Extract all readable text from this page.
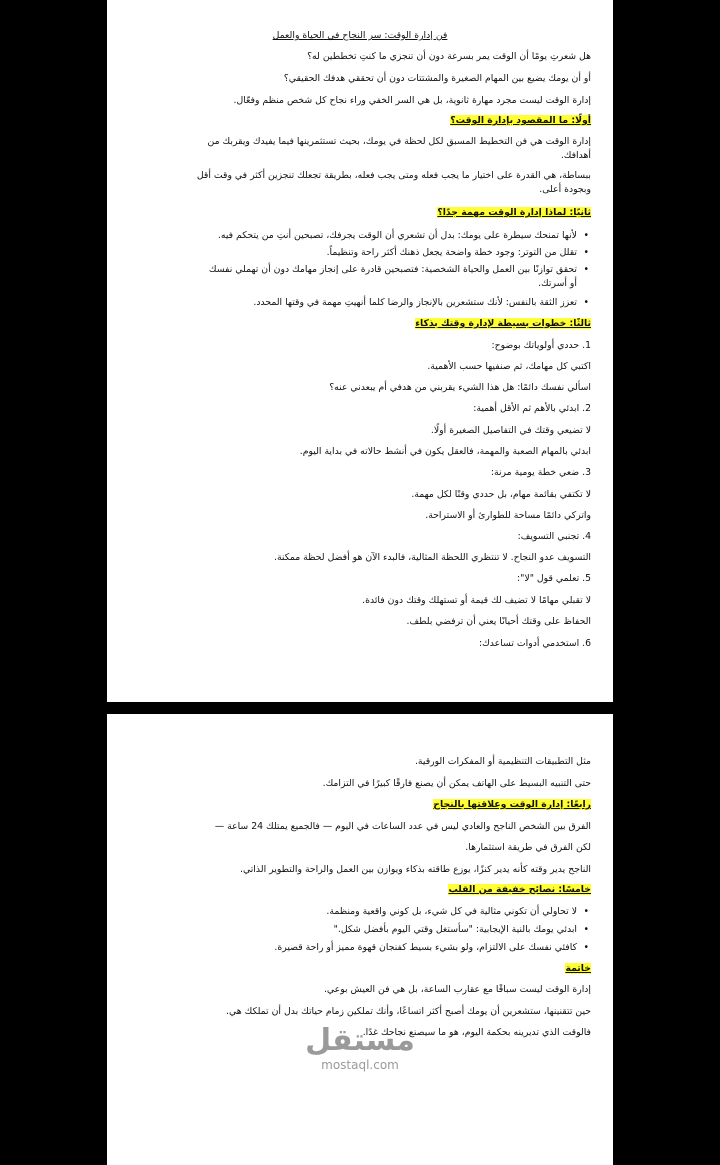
فن إدارة الوقت: سر النجاح في الحياة والعمل
هل شعرتِ يومًا أن الوقت يمر بسرعة دون أن تنجزي ما كنتِ تخططين له؟
أو أن يومك يضيع بين المهام الصغيرة والمشتتات دون أن تحققي هدفك الحقيقي؟
إدارة الوقت ليست مجرد مهارة ثانوية، بل هي السر الخفي وراء نجاح كل شخص منظم وفعّال.
أولًا: ما المقصود بإدارة الوقت؟
إدارة الوقت هي فن التخطيط المسبق لكل لحظة في يومك، بحيث تستثمرينها فيما يفيدك ويقربك من
أهدافك.
ببساطة، هي القدرة على اختيار ما يجب فعله ومتى يجب فعله، بطريقة تجعلك تنجزين أكثر في وقت أقل
وبجودة أعلى.
ثانيًا: لماذا إدارة الوقت مهمة جدًا؟
• لأنها تمنحك سيطرة على يومك: بدل أن تشعري أن الوقت يجرفك، تصبحين أنتِ من يتحكم فيه.
• تقلل من التوتر: وجود خطة واضحة يجعل ذهنك أكثر راحة وتنظيماً.
• تحقق توازنًا بين العمل والحياة الشخصية: فتصبحين قادرة على إنجاز مهامك دون أن تهملي نفسك
أو أسرتك.
• تعزز الثقة بالنفس: لأنك ستشعرين بالإنجاز والرضا كلما أنهيتِ مهمة في وقتها المحدد.
ثالثًا: خطوات بسيطة لإدارة وقتك بذكاء
1. حددي أولوياتك بوضوح:
اكتبي كل مهامك، ثم صنفيها حسب الأهمية.
اسألي نفسك دائمًا: هل هذا الشيء يقربني من هدفي أم يبعدني عنه؟
2. ابدئي بالأهم ثم الأقل أهمية:
لا تضيعي وقتك في التفاصيل الصغيرة أولًا.
ابدئي بالمهام الصعبة والمهمة، فالعقل يكون في أنشط حالاته في بداية اليوم.
3. ضعي خطة يومية مرنة:
لا تكتفي بقائمة مهام، بل حددي وقتًا لكل مهمة.
واتركي دائمًا مساحة للطوارئ أو الاستراحة.
4. تجنبي التسويف:
التسويف عدو النجاح. لا تنتظري اللحظة المثالية، فالبدء الآن هو أفضل لحظة ممكنة.
5. تعلمي قول "لا":
لا تقبلي مهامًا لا تضيف لك قيمة أو تستهلك وقتك دون فائدة.
الحفاظ على وقتك أحيانًا يعني أن ترفضي بلطف.
6. استخدمي أدوات تساعدك:
مثل التطبيقات التنظيمية أو المفكرات الورقية.
حتى التنبيه البسيط على الهاتف يمكن أن يصنع فارقًا كبيرًا في التزامك.
رابعًا: إدارة الوقت وعلاقتها بالنجاح
الفرق بين الشخص الناجح والعادي ليس في عدد الساعات في اليوم — فالجميع يمتلك 24 ساعة —
لكن الفرق في طريقة استثمارها.
الناجح يدير وقته كأنه يدير كنزًا، يوزع طاقته بذكاء ويوازن بين العمل والراحة والتطوير الذاتي.
خامسًا: نصائح خفيفة من القلب
• لا تحاولي أن تكوني مثالية في كل شيء، بل كوني واقعية ومنظمة.
• ابدئي يومك بالنية الإيجابية: "سأستغل وقتي اليوم بأفضل شكل."
• كافئي نفسك على الالتزام، ولو بشيء بسيط كفنجان قهوة مميز أو راحة قصيرة.
خاتمة
إدارة الوقت ليست سباقًا مع عقارب الساعة، بل هي فن العيش بوعي.
حين تتقنينها، ستشعرين أن يومك أصبح أكثر اتساعًا، وأنك تملكين زمام حياتك بدل أن تملكك هي.
فالوقت الذي تديرينه بحكمة اليوم، هو ما سيصنع نجاحك غدًا.
مستقل
mostaql.com
